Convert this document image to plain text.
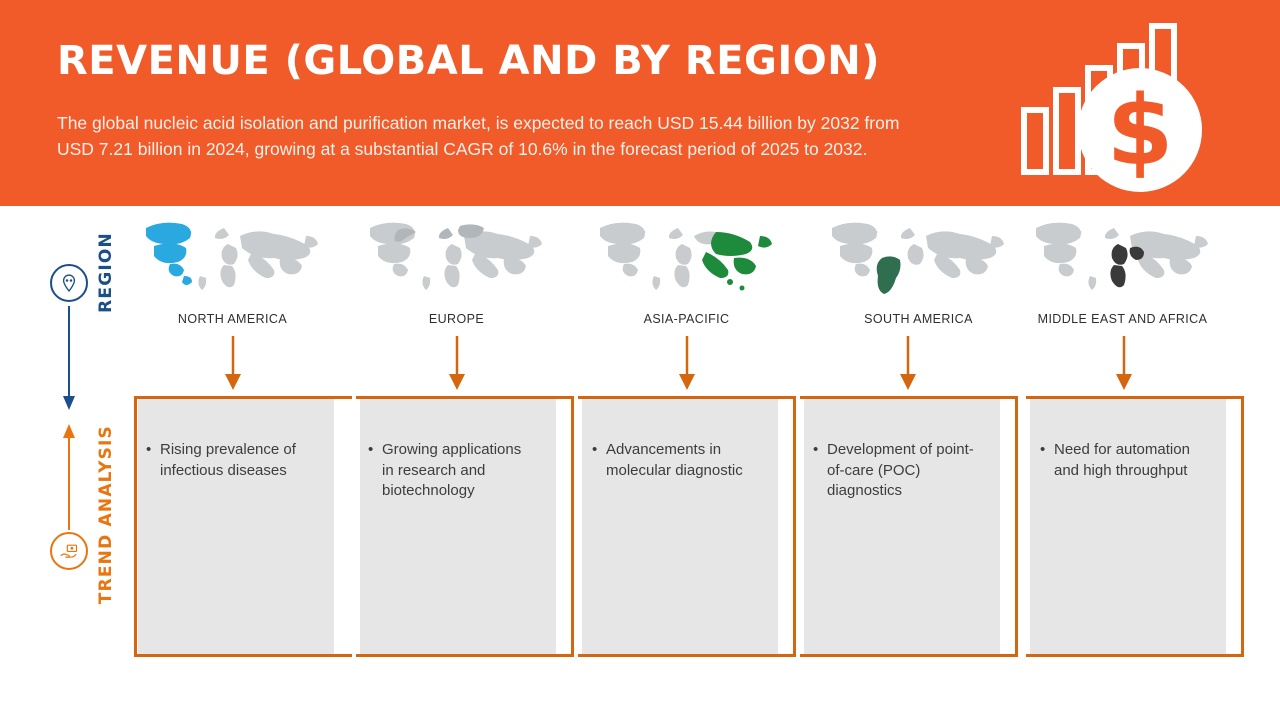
REVENUE (GLOBAL AND BY REGION)
The global nucleic acid isolation and purification market, is expected to reach USD 15.44 billion by 2032 from USD 7.21 billion in 2024, growing at a substantial CAGR of 10.6% in the forecast period of 2025 to 2032.	$
REGION
TREND ANALYSIS
NORTH AMERICA
• Rising prevalence of infectious diseases
EUROPE
• Growing applications in research and biotechnology
ASIA-PACIFIC
• Advancements in molecular diagnostic
SOUTH AMERICA
• Development of point-of-care (POC) diagnostics
MIDDLE EAST AND AFRICA
• Need for automation and high throughput
